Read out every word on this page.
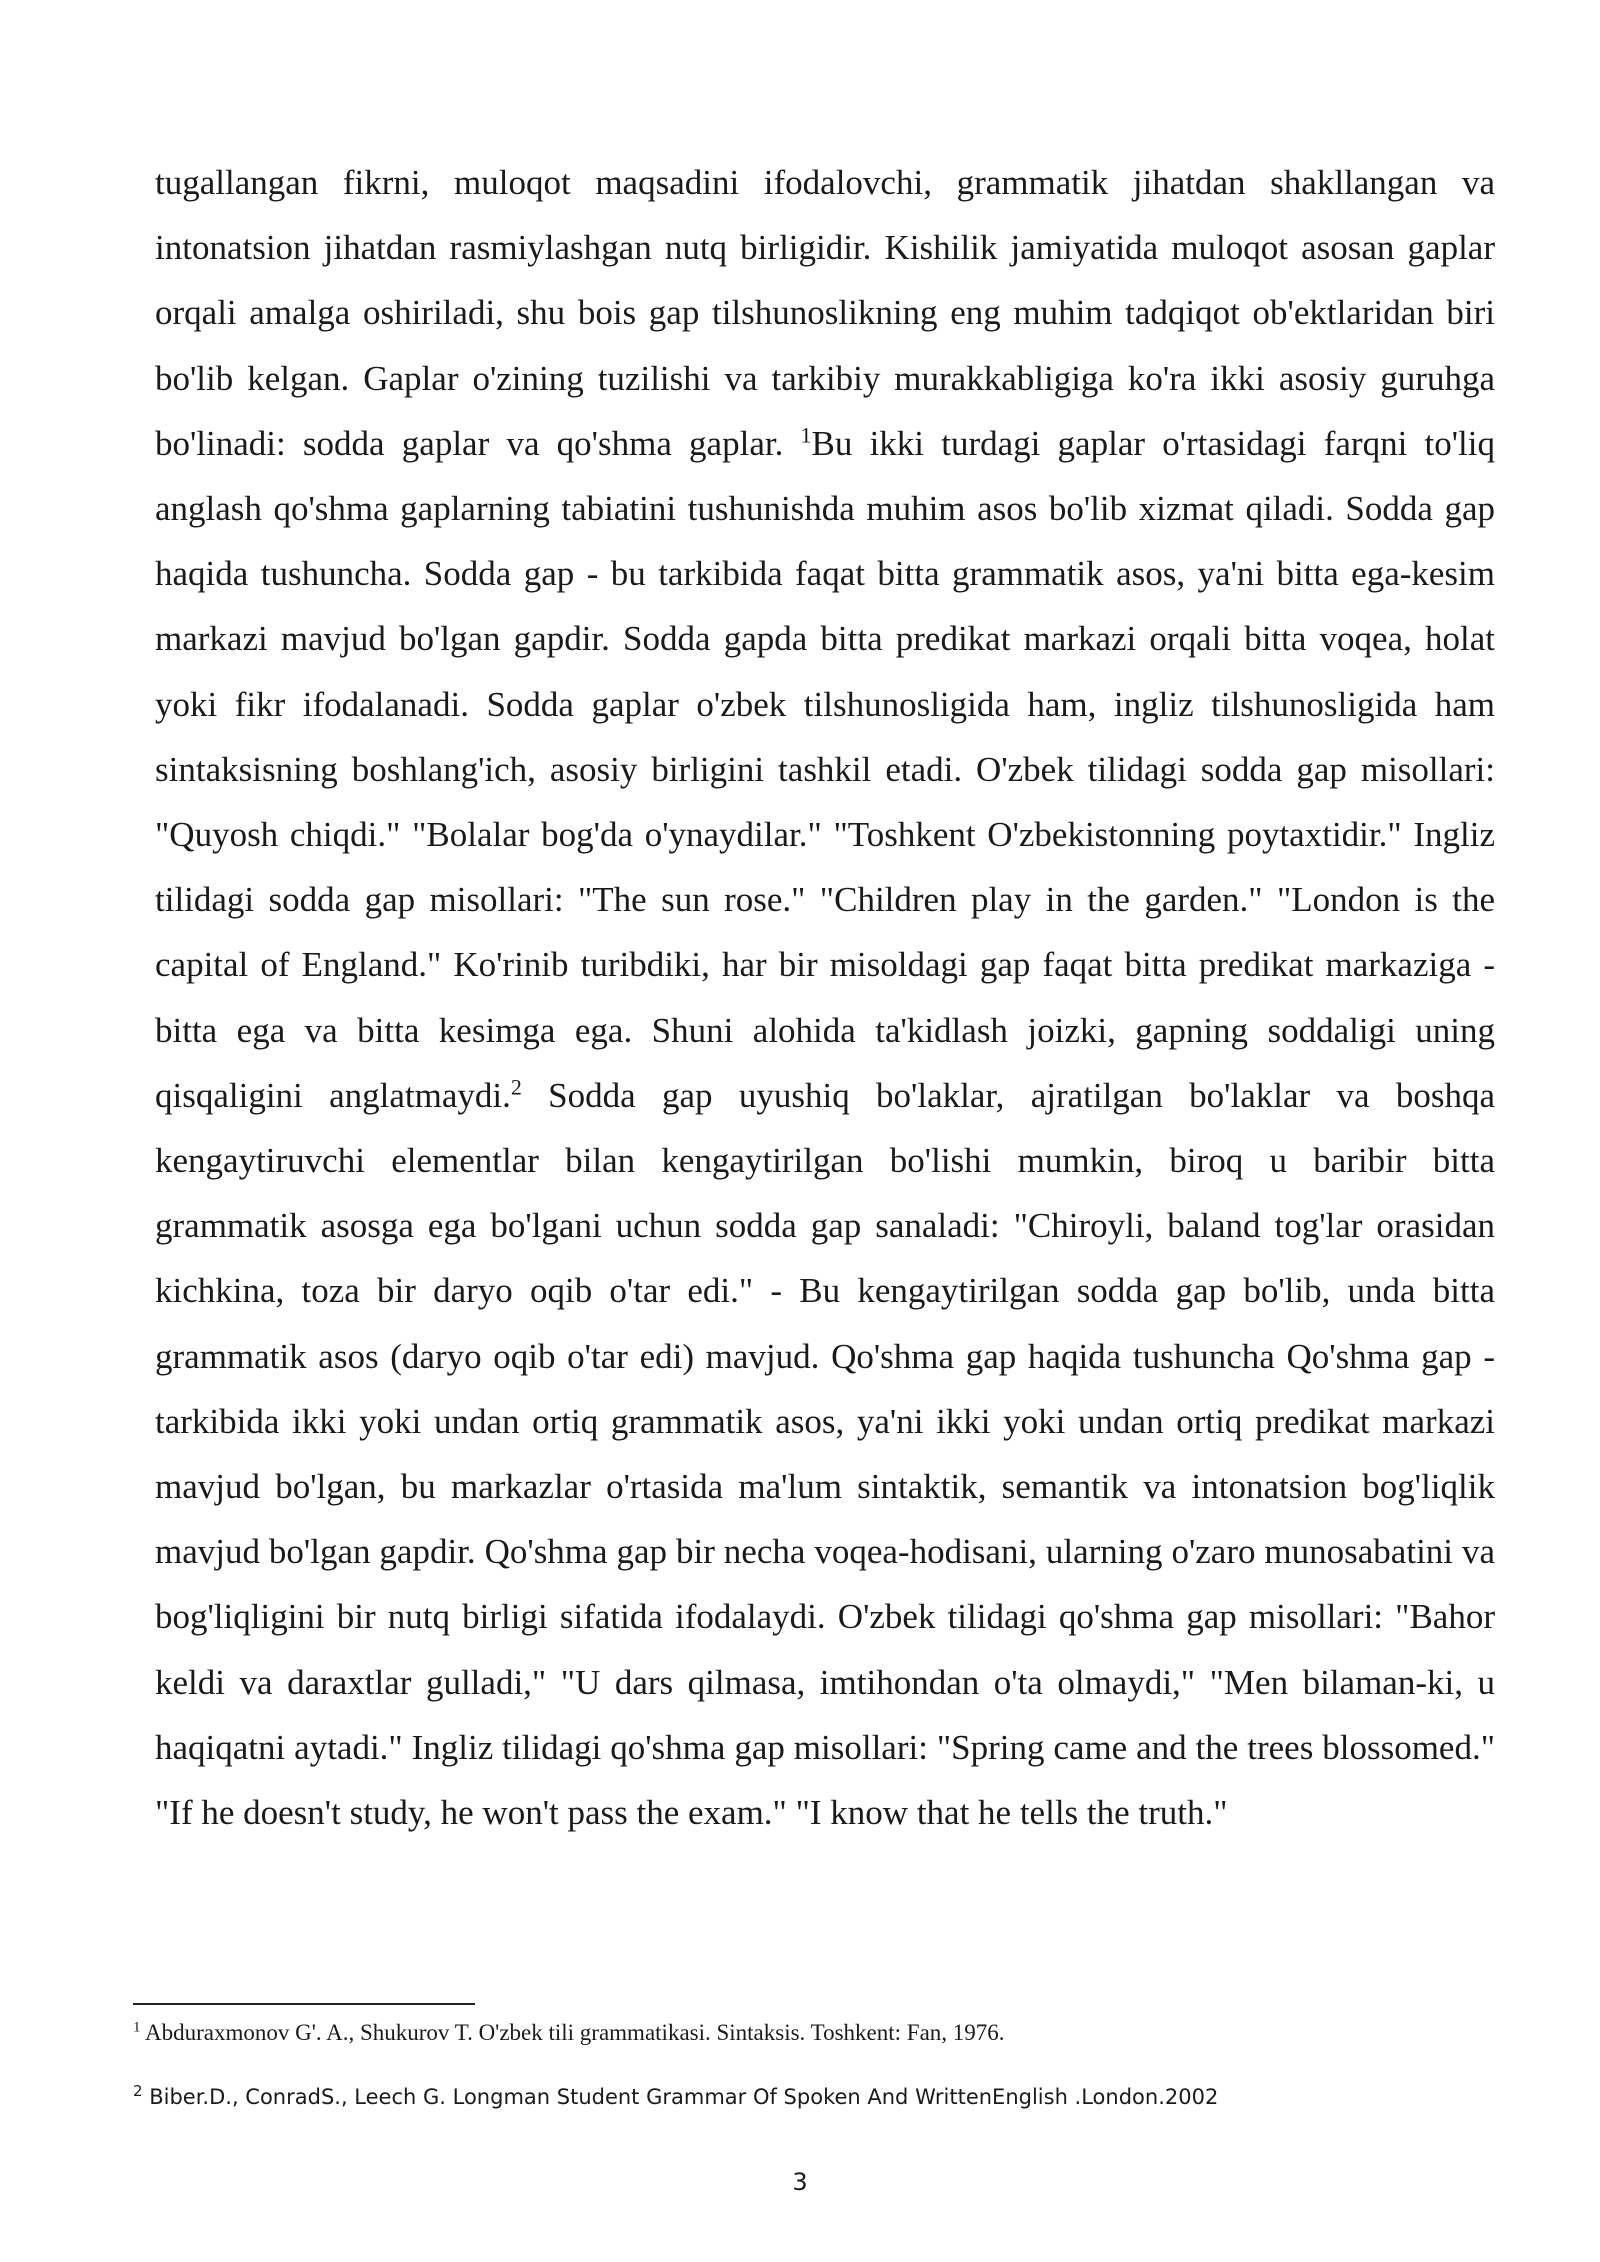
tugallangan fikrni, muloqot maqsadini ifodalovchi, grammatik jihatdan shakllangan va intonatsion jihatdan rasmiylashgan nutq birligidir. Kishilik jamiyatida muloqot asosan gaplar orqali amalga oshiriladi, shu bois gap tilshunoslikning eng muhim tadqiqot ob'ektlaridan biri bo'lib kelgan. Gaplar o'zining tuzilishi va tarkibiy murakkabligiga ko'ra ikki asosiy guruhga bo'linadi: sodda gaplar va qo'shma gaplar. $^1$Bu ikki turdagi gaplar o'rtasidagi farqni to'liq anglash qo'shma gaplarning tabiatini tushunishda muhim asos bo'lib xizmat qiladi. Sodda gap haqida tushuncha. Sodda gap - bu tarkibida faqat bitta grammatik asos, ya'ni bitta ega-kesim markazi mavjud bo'lgan gapdir. Sodda gapda bitta predikat markazi orqali bitta voqea, holat yoki fikr ifodalanadi. Sodda gaplar o'zbek tilshunosligida ham, ingliz tilshunosligida ham sintaksisning boshlang'ich, asosiy birligini tashkil etadi. O'zbek tilidagi sodda gap misollari: "Quyosh chiqdi." "Bolalar bog'da o'ynaydilar." "Toshkent O'zbekistonning poytaxtidir." Ingliz tilidagi sodda gap misollari: "The sun rose." "Children play in the garden." "London is the capital of England." Ko'rinib turibdiki, har bir misoldagi gap faqat bitta predikat markaziga - bitta ega va bitta kesimga ega. Shuni alohida ta'kidlash joizki, gapning soddaligi uning qisqaligini anglatmaydi.$^2$ Sodda gap uyushiq bo'laklar, ajratilgan bo'laklar va boshqa kengaytiruvchi elementlar bilan kengaytirilgan bo'lishi mumkin, biroq u baribir bitta grammatik asosga ega bo'lgani uchun sodda gap sanaladi: "Chiroyli, baland tog'lar orasidan kichkina, toza bir daryo oqib o'tar edi." - Bu kengaytirilgan sodda gap bo'lib, unda bitta grammatik asos (daryo oqib o'tar edi) mavjud. Qo'shma gap haqida tushuncha Qo'shma gap - tarkibida ikki yoki undan ortiq grammatik asos, ya'ni ikki yoki undan ortiq predikat markazi mavjud bo'lgan, bu markazlar o'rtasida ma'lum sintaktik, semantik va intonatsion bog'liqlik mavjud bo'lgan gapdir. Qo'shma gap bir necha voqea-hodisani, ularning o'zaro munosabatini va bog'liqligini bir nutq birligi sifatida ifodalaydi. O'zbek tilidagi qo'shma gap misollari: "Bahor keldi va daraxtlar gulladi," "U dars qilmasa, imtihondan o'ta olmaydi," "Men bilaman-ki, u haqiqatni aytadi." Ingliz tilidagi qo'shma gap misollari: "Spring came and the trees blossomed." "If he doesn't study, he won't pass the exam." "I know that he tells the truth."

$^1$ Abduraxmonov G'. A., Shukurov T. O'zbek tili grammatikasi. Sintaksis. Toshkent: Fan, 1976.

$^2$ Biber.D., ConradS., Leech G. Longman Student Grammar Of Spoken And WrittenEnglish .London.2002

3
